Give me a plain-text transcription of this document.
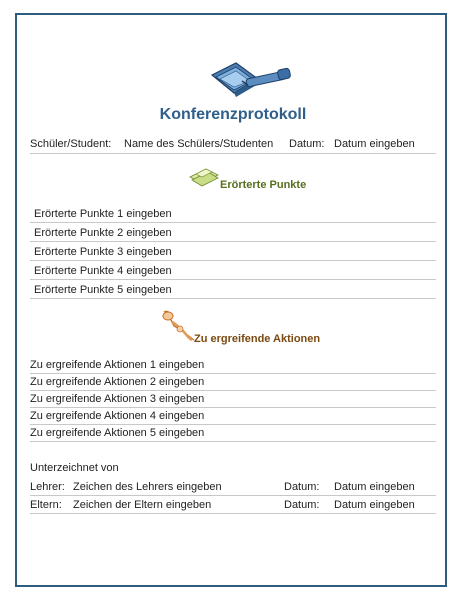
Konferenzprotokoll
Schüler/Student: Name des Schülers/Studenten Datum: Datum eingeben
Erörterte Punkte
Erörterte Punkte 1 eingeben
Erörterte Punkte 2 eingeben
Erörterte Punkte 3 eingeben
Erörterte Punkte 4 eingeben
Erörterte Punkte 5 eingeben
Zu ergreifende Aktionen
Zu ergreifende Aktionen 1 eingeben
Zu ergreifende Aktionen 2 eingeben
Zu ergreifende Aktionen 3 eingeben
Zu ergreifende Aktionen 4 eingeben
Zu ergreifende Aktionen 5 eingeben
Unterzeichnet von
Lehrer: Zeichen des Lehrers eingeben	Datum: Datum eingeben
Eltern: Zeichen der Eltern eingeben	Datum: Datum eingeben
